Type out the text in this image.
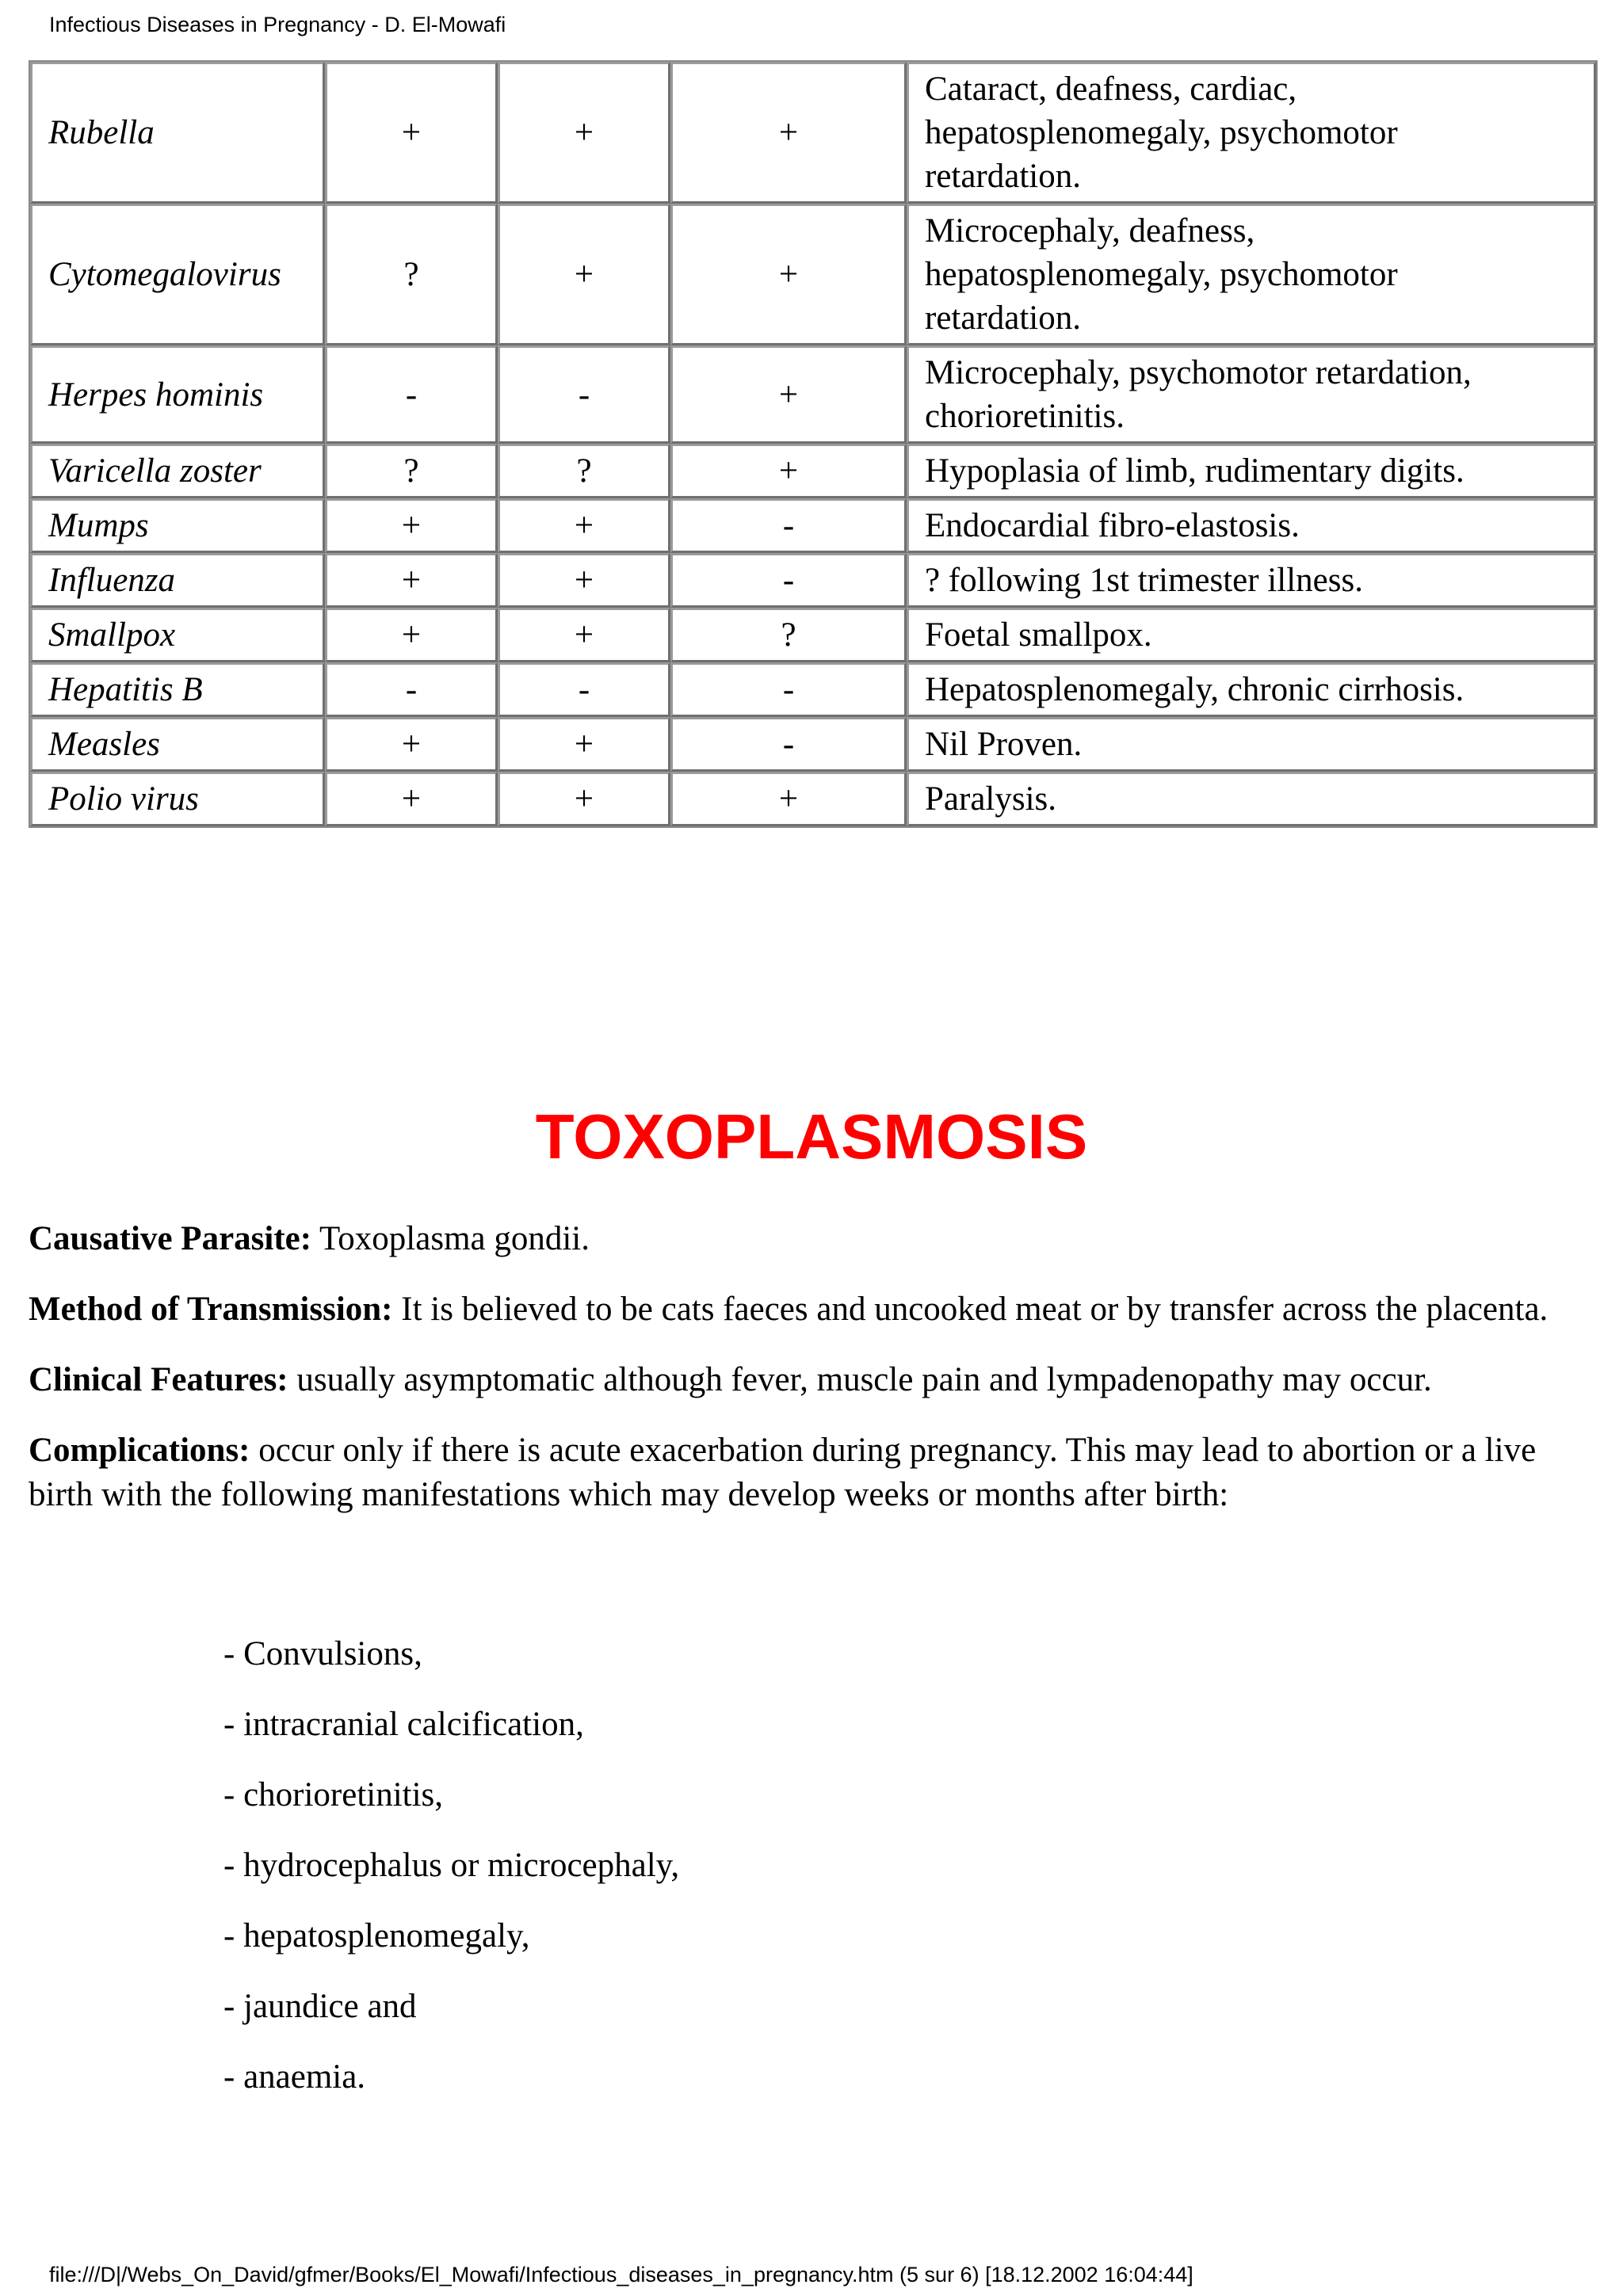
Infectious Diseases in Pregnancy - D. El-Mowafi
Rubella	+	+	+	Cataract, deafness, cardiac,
hepatosplenomegaly, psychomotor
retardation.

Cytomegalovirus	?	+	+	Microcephaly, deafness,
hepatosplenomegaly, psychomotor
retardation.

Herpes hominis	-	-	+	Microcephaly, psychomotor retardation,
chorioretinitis.

Varicella zoster	?	?	+	Hypoplasia of limb, rudimentary digits.

Mumps	+	+	-	Endocardial fibro-elastosis.

Influenza	+	+	-	? following 1st trimester illness.

Smallpox	+	+	?	Foetal smallpox.

Hepatitis B	-	-	-	Hepatosplenomegaly, chronic cirrhosis.

Measles	+	+	-	Nil Proven.

Polio virus	+	+	+	Paralysis.
TOXOPLASMOSIS

Causative Parasite: Toxoplasma gondii.

Method of Transmission: It is believed to be cats faeces and uncooked meat or by transfer across the placenta.

Clinical Features: usually asymptomatic although fever, muscle pain and lympadenopathy may occur.

Complications: occur only if there is acute exacerbation during pregnancy. This may lead to abortion or a live birth with the following manifestations which may develop weeks or months after birth:

- Convulsions,
- intracranial calcification,
- chorioretinitis,
- hydrocephalus or microcephaly,
- hepatosplenomegaly,
- jaundice and
- anaemia.
file:///D|/Webs_On_David/gfmer/Books/El_Mowafi/Infectious_diseases_in_pregnancy.htm (5 sur 6) [18.12.2002 16:04:44]
